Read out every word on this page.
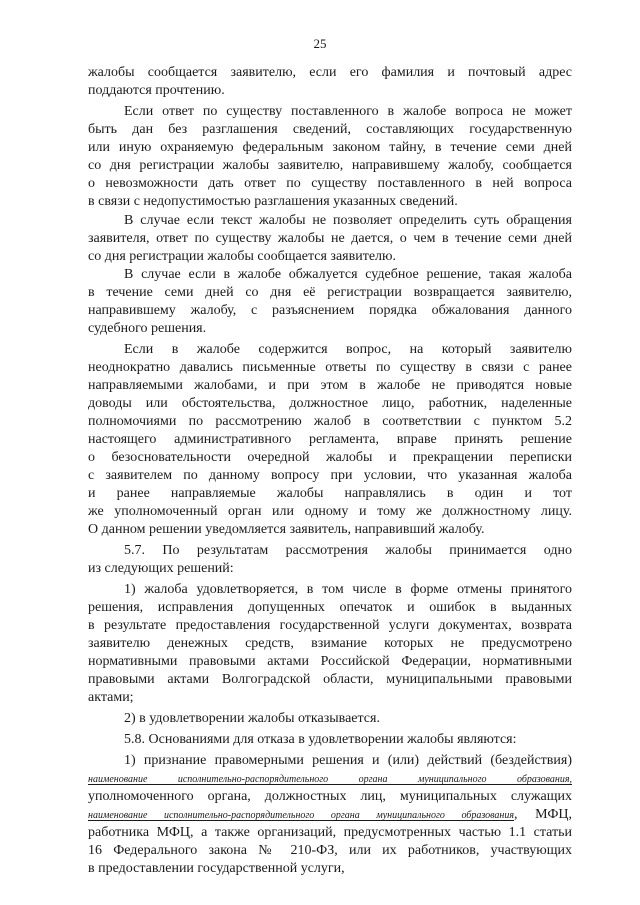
25
жалобы сообщается заявителю, если его фамилия и почтовый адрес
поддаются прочтению.
Если ответ по существу поставленного в жалобе вопроса не может
быть дан без разглашения сведений, составляющих государственную
или иную охраняемую федеральным законом тайну, в течение семи дней
со дня регистрации жалобы заявителю, направившему жалобу, сообщается
о невозможности дать ответ по существу поставленного в ней вопроса
в связи с недопустимостью разглашения указанных сведений.
В случае если текст жалобы не позволяет определить суть обращения
заявителя, ответ по существу жалобы не дается, о чем в течение семи дней
со дня регистрации жалобы сообщается заявителю.
В случае если в жалобе обжалуется судебное решение, такая жалоба
в течение семи дней со дня её регистрации возвращается заявителю,
направившему жалобу, с разъяснением порядка обжалования данного
судебного решения.
Если в жалобе содержится вопрос, на который заявителю
неоднократно давались письменные ответы по существу в связи с ранее
направляемыми жалобами, и при этом в жалобе не приводятся новые
доводы или обстоятельства, должностное лицо, работник, наделенные
полномочиями по рассмотрению жалоб в соответствии с пунктом 5.2
настоящего административного регламента, вправе принять решение
о безосновательности очередной жалобы и прекращении переписки
с заявителем по данному вопросу при условии, что указанная жалоба
и ранее направляемые жалобы направлялись в один и тот
же уполномоченный орган или одному и тому же должностному лицу.
О данном решении уведомляется заявитель, направивший жалобу.
5.7. По результатам рассмотрения жалобы принимается одно
из следующих решений:
1) жалоба удовлетворяется, в том числе в форме отмены принятого
решения, исправления допущенных опечаток и ошибок в выданных
в результате предоставления государственной услуги документах, возврата
заявителю денежных средств, взимание которых не предусмотрено
нормативными правовыми актами Российской Федерации, нормативными
правовыми актами Волгоградской области, муниципальными правовыми
актами;
2) в удовлетворении жалобы отказывается.
5.8. Основаниями для отказа в удовлетворении жалобы являются:
1) признание правомерными решения и (или) действий (бездействия)
наименование исполнительно-распорядительного органа муниципального образования,
уполномоченного органа, должностных лиц, муниципальных служащих
наименование исполнительно-распорядительного органа муниципального образования, МФЦ,
работника МФЦ, а также организаций, предусмотренных частью 1.1 статьи
16 Федерального закона № 210-ФЗ, или их работников, участвующих
в предоставлении государственной услуги,
